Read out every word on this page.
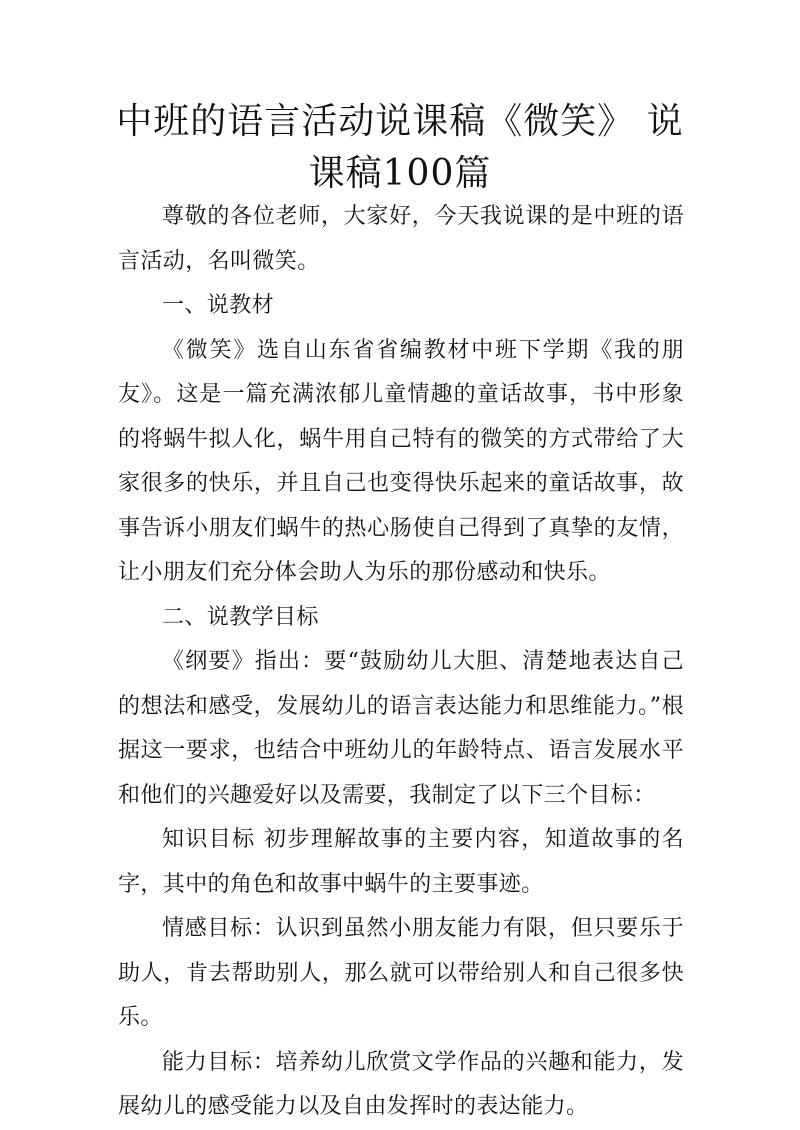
中班的语言活动说课稿《微笑》 说课稿100篇

尊敬的各位老师，大家好，今天我说课的是中班的语言活动，名叫微笑。

一、说教材

《微笑》选自山东省省编教材中班下学期《我的朋友》。这是一篇充满浓郁儿童情趣的童话故事，书中形象的将蜗牛拟人化，蜗牛用自己特有的微笑的方式带给了大家很多的快乐，并且自己也变得快乐起来的童话故事，故事告诉小朋友们蜗牛的热心肠使自己得到了真挚的友情，让小朋友们充分体会助人为乐的那份感动和快乐。

二、说教学目标

《纲要》指出：要“鼓励幼儿大胆、清楚地表达自己的想法和感受，发展幼儿的语言表达能力和思维能力。”根据这一要求，也结合中班幼儿的年龄特点、语言发展水平和他们的兴趣爱好以及需要，我制定了以下三个目标：

知识目标 初步理解故事的主要内容，知道故事的名字，其中的角色和故事中蜗牛的主要事迹。

情感目标：认识到虽然小朋友能力有限，但只要乐于助人，肯去帮助别人，那么就可以带给别人和自己很多快乐。

能力目标：培养幼儿欣赏文学作品的兴趣和能力，发展幼儿的感受能力以及自由发挥时的表达能力。
